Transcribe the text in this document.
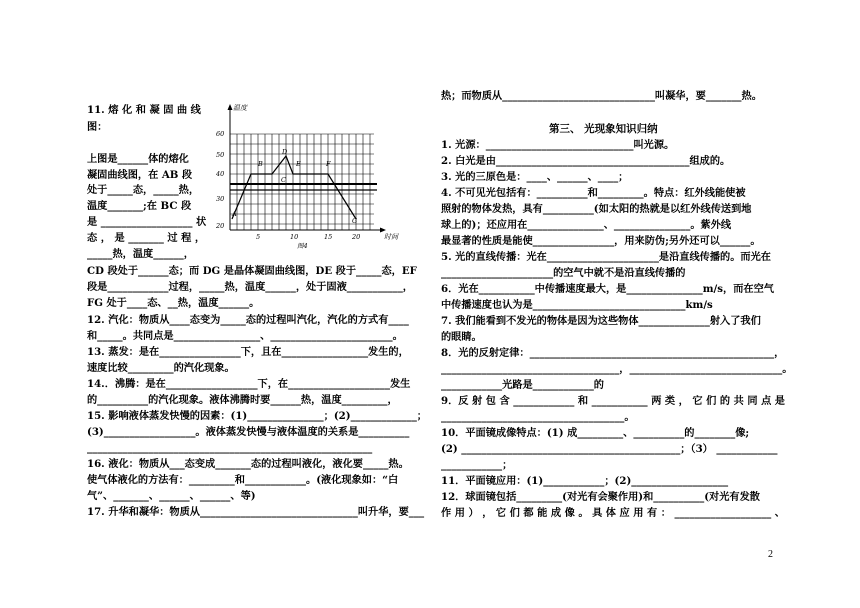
11. 熔 化 和 凝 固 曲 线
图：
上图是______体的熔化
凝固曲线图，在 AB 段
处于_____态，_____热，
温度_______;在 BC 段
是 __________________ 状
态 ， 是 _______ 过 程 ，
_____热，温度______，
CD 段处于______态；而 DG 是晶体凝固曲线图，DE 段于_____态，EF
段是____________过程，_____热，温度______，处于固液___________，
FG 处于____态、__热，温度______。
12. 汽化：物质从____态变为_____态的过程叫汽化，汽化的方式有____
和_____。共同点是_________________、________________________。
13. 蒸发：是在________________下，且在_________________发生的，
速度比较_________的汽化现象。
14.．沸腾：是在__________________下，在____________________发生
的__________的汽化现象。液体沸腾时要______热，温度_________，
15. 影响液体蒸发快慢的因素：(1)_______________；(2)_____________；
(3)__________________。液体蒸发快慢与液体温度的关系是__________
________________________________________________________
16. 液化：物质从___态变成_______态的过程叫液化，液化要_____热。
使气体液化的方法有：_________和____________。(液化现象如：“白
气”、_______、______、______、等)
17. 升华和凝华：物质从_______________________________叫升华，要___
温度
时间
60
50
40
30
20
5	10	15	20
A
B
C
D
E	F
G
图4
热；而物质从______________________________叫凝华，要_______热。
第三、 光现象知识归纳
1. 光源：_____________________________叫光源。
2. 白光是由______________________________________组成的。
3. 光的三原色是：____、______、____；
4. 不可见光包括有：__________和_________。特点：红外线能使被
照射的物体发热，具有__________(如太阳的热就是以红外线传送到地
球上的)；还应用在_______________、_______________。紫外线
最显著的性质是能使________________，用来防伪;另外还可以______。
5. 光的直线传播：光在______________________是沿直线传播的。而光在
______________________的空气中就不是沿直线传播的
6．光在___________中传播速度最大，是_______________m/s，而在空气
中传播速度也认为是______________________________km/s
7. 我们能看到不发光的物体是因为这些物体______________射入了我们
的眼睛。
8．光的反射定律：________________________________________________，
___________________________________，______________________________。
____________光路是____________的
9．反 射 包 含 ____________ 和 ___________ 两 类 ， 它 们 的 共 同 点 是
____________________________________。
10．平面镜成像特点：(1) 成_________、__________的________像;
(2) ___________________________________________；（3） ____________
____________；
11．平面镜应用：(1)____________；(2)___________________
12．球面镜包括_________(对光有会聚作用)和__________(对光有发散
作 用 ） ， 它 们 都 能 成 像 。 具 体 应 用 有 ： ___________________ 、
2
